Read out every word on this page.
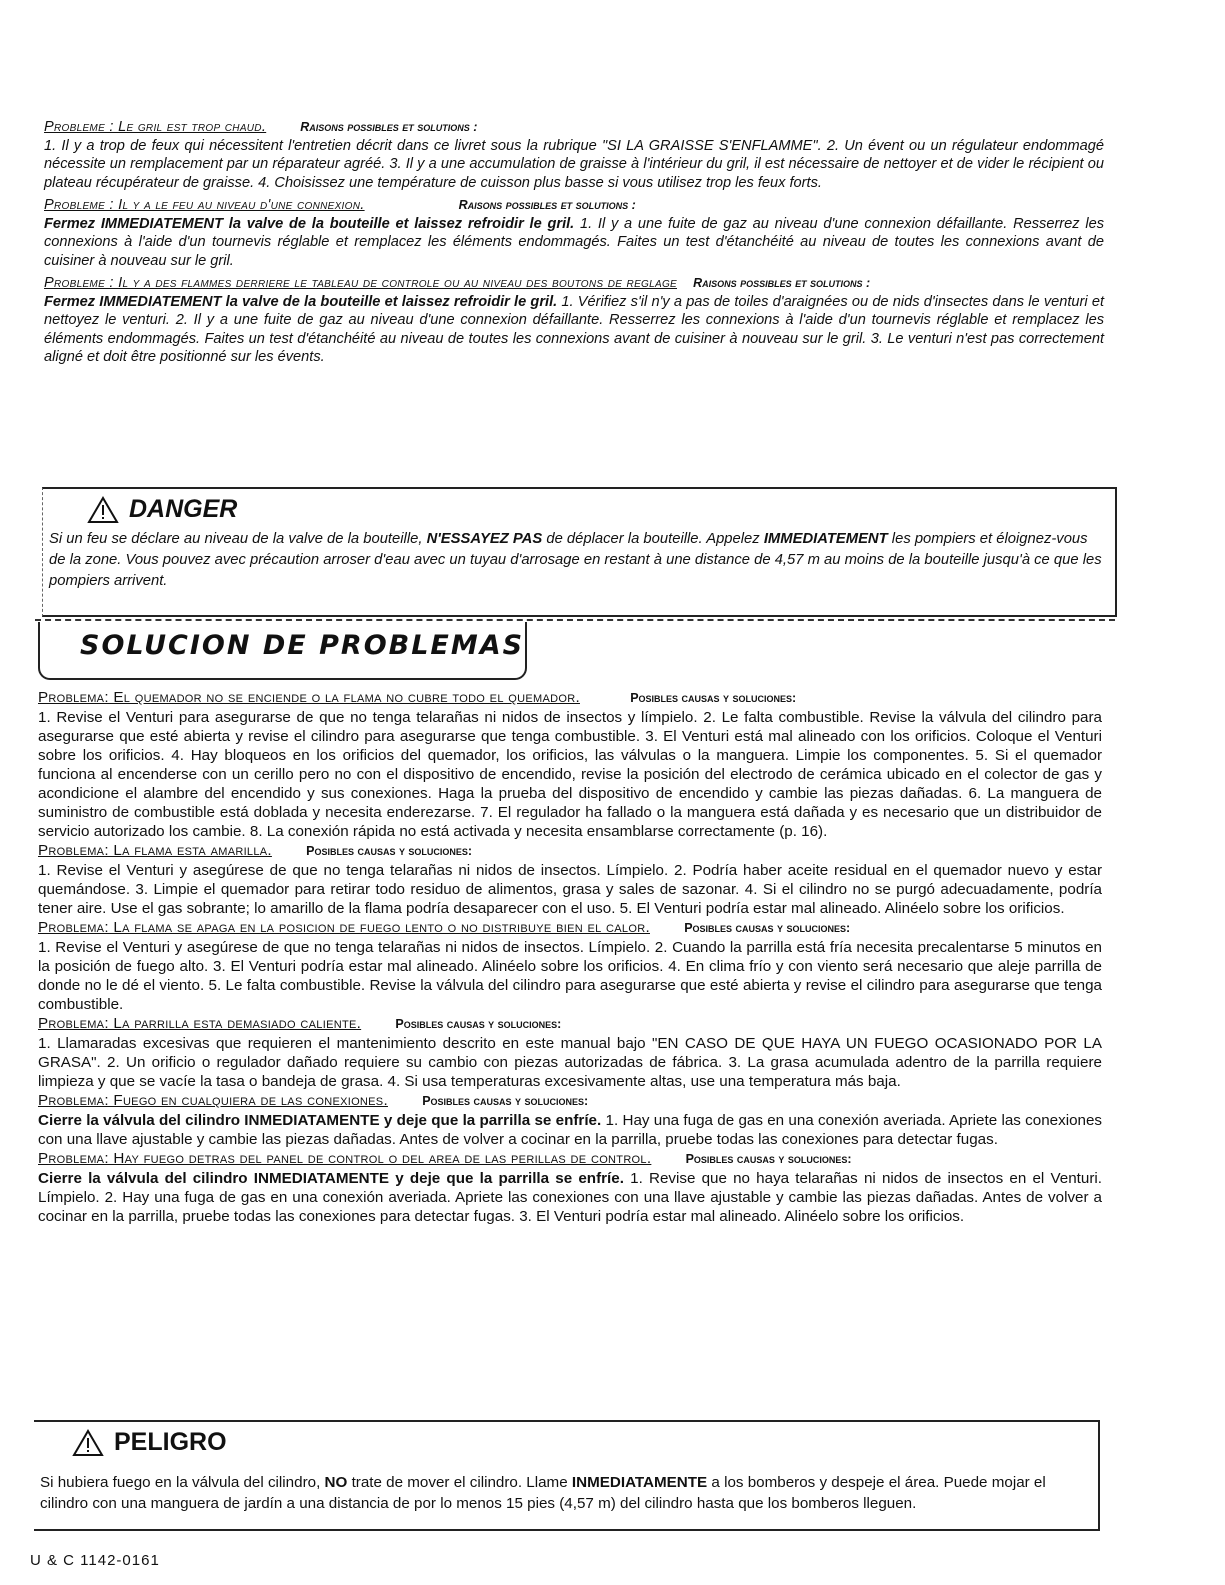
Probleme : Le gril est trop chaud.	Raisons possibles et solutions :
1. Il y a trop de feux qui nécessitent l'entretien décrit dans ce livret sous la rubrique "SI LA GRAISSE S'ENFLAMME". 2. Un évent ou un régulateur endommagé nécessite un remplacement par un réparateur agréé. 3. Il y a une accumulation de graisse à l'intérieur du gril, il est nécessaire de nettoyer et de vider le récipient ou plateau récupérateur de graisse. 4. Choisissez une température de cuisson plus basse si vous utilisez trop les feux forts.

Probleme : Il y a le feu au niveau d'une connexion.	Raisons possibles et solutions :
Fermez IMMEDIATEMENT la valve de la bouteille et laissez refroidir le gril. 1. Il y a une fuite de gaz au niveau d'une connexion défaillante. Resserrez les connexions à l'aide d'un tournevis réglable et remplacez les éléments endommagés. Faites un test d'étanchéité au niveau de toutes les connexions avant de cuisiner à nouveau sur le gril.

Probleme : Il y a des flammes derriere le tableau de controle ou au niveau des boutons de reglage Raisons possibles et solutions :
Fermez IMMEDIATEMENT la valve de la bouteille et laissez refroidir le gril. 1. Vérifiez s'il n'y a pas de toiles d'araignées ou de nids d'insectes dans le venturi et nettoyez le venturi. 2. Il y a une fuite de gaz au niveau d'une connexion défaillante. Resserrez les connexions à l'aide d'un tournevis réglable et remplacez les éléments endommagés. Faites un test d'étanchéité au niveau de toutes les connexions avant de cuisiner à nouveau sur le gril. 3. Le venturi n'est pas correctement aligné et doit être positionné sur les évents.

DANGER
Si un feu se déclare au niveau de la valve de la bouteille, N'ESSAYEZ PAS de déplacer la bouteille. Appelez IMMEDIATEMENT les pompiers et éloignez-vous de la zone. Vous pouvez avec précaution arroser d'eau avec un tuyau d'arrosage en restant à une distance de 4,57 m au moins de la bouteille jusqu'à ce que les pompiers arrivent.
SOLUCION DE PROBLEMAS

Problema: El quemador no se enciende o la flama no cubre todo el quemador.	Posibles causas y soluciones:
1. Revise el Venturi para asegurarse de que no tenga telarañas ni nidos de insectos y límpielo. 2. Le falta combustible. Revise la válvula del cilindro para asegurarse que esté abierta y revise el cilindro para asegurarse que tenga combustible. 3. El Venturi está mal alineado con los orificios. Coloque el Venturi sobre los orificios. 4. Hay bloqueos en los orificios del quemador, los orificios, las válvulas o la manguera. Limpie los componentes. 5. Si el quemador funciona al encenderse con un cerillo pero no con el dispositivo de encendido, revise la posición del electrodo de cerámica ubicado en el colector de gas y acondicione el alambre del encendido y sus conexiones. Haga la prueba del dispositivo de encendido y cambie las piezas dañadas. 6. La manguera de suministro de combustible está doblada y necesita enderezarse. 7. El regulador ha fallado o la manguera está dañada y es necesario que un distribuidor de servicio autorizado los cambie. 8. La conexión rápida no está activada y necesita ensamblarse correctamente (p. 16).

Problema: La flama esta amarilla.	Posibles causas y soluciones:
1. Revise el Venturi y asegúrese de que no tenga telarañas ni nidos de insectos. Límpielo. 2. Podría haber aceite residual en el quemador nuevo y estar quemándose. 3. Limpie el quemador para retirar todo residuo de alimentos, grasa y sales de sazonar. 4. Si el cilindro no se purgó adecuadamente, podría tener aire. Use el gas sobrante; lo amarillo de la flama podría desaparecer con el uso. 5. El Venturi podría estar mal alineado. Alinéelo sobre los orificios.

Problema: La flama se apaga en la posicion de fuego lento o no distribuye bien el calor.	Posibles causas y soluciones:
1. Revise el Venturi y asegúrese de que no tenga telarañas ni nidos de insectos. Límpielo. 2. Cuando la parrilla está fría necesita precalentarse 5 minutos en la posición de fuego alto. 3. El Venturi podría estar mal alineado. Alinéelo sobre los orificios. 4. En clima frío y con viento será necesario que aleje parrilla de donde no le dé el viento. 5. Le falta combustible. Revise la válvula del cilindro para asegurarse que esté abierta y revise el cilindro para asegurarse que tenga combustible.

Problema: La parrilla esta demasiado caliente.	Posibles causas y soluciones:
1. Llamaradas excesivas que requieren el mantenimiento descrito en este manual bajo "EN CASO DE QUE HAYA UN FUEGO OCASIONADO POR LA GRASA". 2. Un orificio o regulador dañado requiere su cambio con piezas autorizadas de fábrica. 3. La grasa acumulada adentro de la parrilla requiere limpieza y que se vacíe la tasa o bandeja de grasa. 4. Si usa temperaturas excesivamente altas, use una temperatura más baja.

Problema: Fuego en cualquiera de las conexiones.	Posibles causas y soluciones:
Cierre la válvula del cilindro INMEDIATAMENTE y deje que la parrilla se enfríe. 1. Hay una fuga de gas en una conexión averiada. Apriete las conexiones con una llave ajustable y cambie las piezas dañadas. Antes de volver a cocinar en la parrilla, pruebe todas las conexiones para detectar fugas.

Problema: Hay fuego detras del panel de control o del area de las perillas de control.	Posibles causas y soluciones:
Cierre la válvula del cilindro INMEDIATAMENTE y deje que la parrilla se enfríe. 1. Revise que no haya telarañas ni nidos de insectos en el Venturi. Límpielo. 2. Hay una fuga de gas en una conexión averiada. Apriete las conexiones con una llave ajustable y cambie las piezas dañadas. Antes de volver a cocinar en la parrilla, pruebe todas las conexiones para detectar fugas. 3. El Venturi podría estar mal alineado. Alinéelo sobre los orificios.

PELIGRO
Si hubiera fuego en la válvula del cilindro, NO trate de mover el cilindro. Llame INMEDIATAMENTE a los bomberos y despeje el área. Puede mojar el cilindro con una manguera de jardín a una distancia de por lo menos 15 pies (4,57 m) del cilindro hasta que los bomberos lleguen.
U & C 1142-0161
